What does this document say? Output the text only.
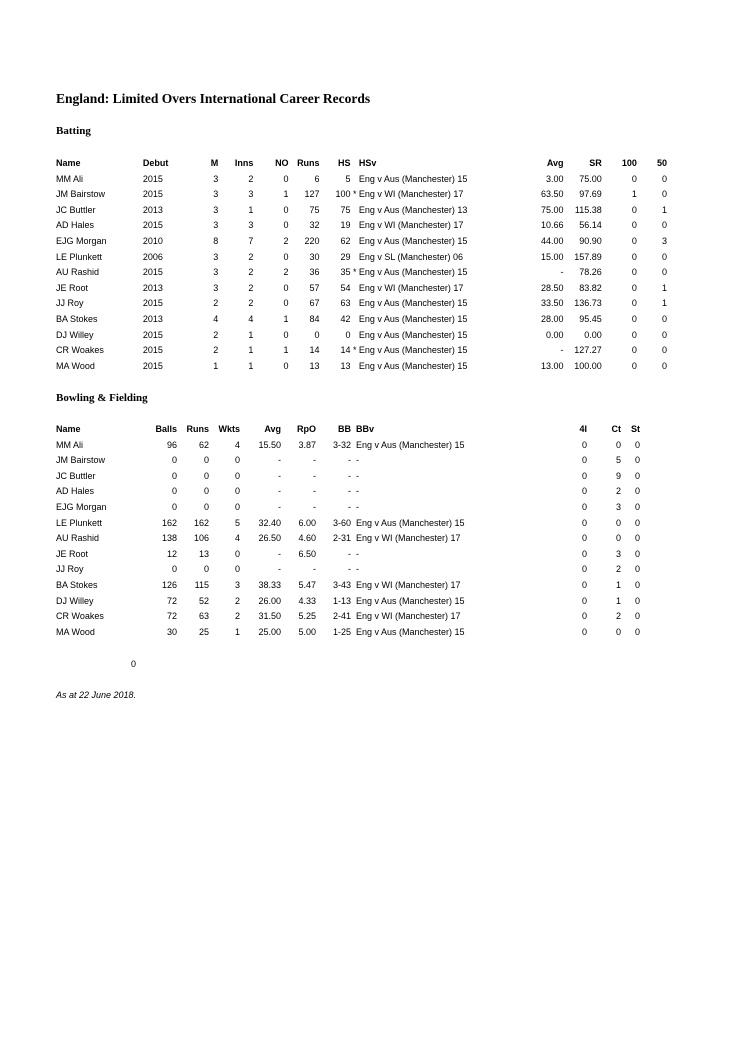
England: Limited Overs International Career Records
Batting
Name	Debut	M	Inns	NO	Runs	HS		HSv	Avg	SR	100	50
MM Ali	2015	3	2	0	6	5		Eng v Aus (Manchester) 15	3.00	75.00	0	0
JM Bairstow	2015	3	3	1	127	100	*	Eng v WI (Manchester) 17	63.50	97.69	1	0
JC Buttler	2013	3	1	0	75	75		Eng v Aus (Manchester) 13	75.00	115.38	0	1
AD Hales	2015	3	3	0	32	19		Eng v WI (Manchester) 17	10.66	56.14	0	0
EJG Morgan	2010	8	7	2	220	62		Eng v Aus (Manchester) 15	44.00	90.90	0	3
LE Plunkett	2006	3	2	0	30	29		Eng v SL (Manchester) 06	15.00	157.89	0	0
AU Rashid	2015	3	2	2	36	35	*	Eng v Aus (Manchester) 15	-	78.26	0	0
JE Root	2013	3	2	0	57	54		Eng v WI (Manchester) 17	28.50	83.82	0	1
JJ Roy	2015	2	2	0	67	63		Eng v Aus (Manchester) 15	33.50	136.73	0	1
BA Stokes	2013	4	4	1	84	42		Eng v Aus (Manchester) 15	28.00	95.45	0	0
DJ Willey	2015	2	1	0	0	0		Eng v Aus (Manchester) 15	0.00	0.00	0	0
CR Woakes	2015	2	1	1	14	14	*	Eng v Aus (Manchester) 15	-	127.27	0	0
MA Wood	2015	1	1	0	13	13		Eng v Aus (Manchester) 15	13.00	100.00	0	0
Bowling & Fielding
Name	Balls	Runs	Wkts	Avg	RpO	BB	BBv	4I	Ct	St
MM Ali	96	62	4	15.50	3.87	3-32	Eng v Aus (Manchester) 15	0	0	0
JM Bairstow	0	0	0	-	-	-	-	0	5	0
JC Buttler	0	0	0	-	-	-	-	0	9	0
AD Hales	0	0	0	-	-	-	-	0	2	0
EJG Morgan	0	0	0	-	-	-	-	0	3	0
LE Plunkett	162	162	5	32.40	6.00	3-60	Eng v Aus (Manchester) 15	0	0	0
AU Rashid	138	106	4	26.50	4.60	2-31	Eng v WI (Manchester) 17	0	0	0
JE Root	12	13	0	-	6.50	-	-	0	3	0
JJ Roy	0	0	0	-	-	-	-	0	2	0
BA Stokes	126	115	3	38.33	5.47	3-43	Eng v WI (Manchester) 17	0	1	0
DJ Willey	72	52	2	26.00	4.33	1-13	Eng v Aus (Manchester) 15	0	1	0
CR Woakes	72	63	2	31.50	5.25	2-41	Eng v WI (Manchester) 17	0	2	0
MA Wood	30	25	1	25.00	5.00	1-25	Eng v Aus (Manchester) 15	0	0	0
0
As at 22 June 2018.
